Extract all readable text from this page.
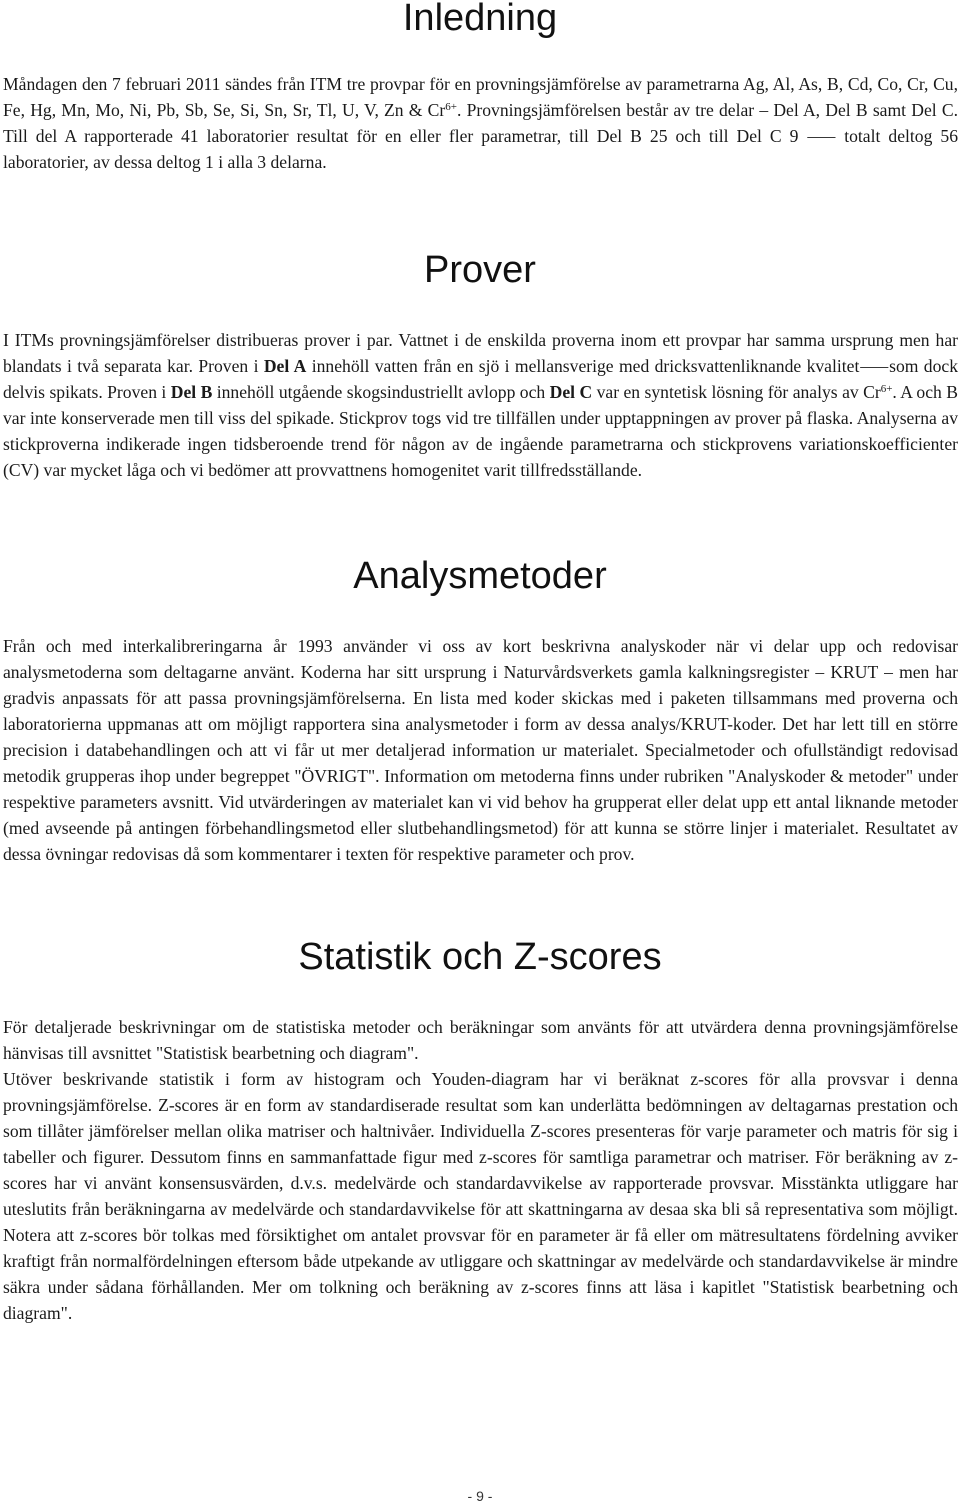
Inledning

Måndagen den 7 februari 2011 sändes från ITM tre provpar för en provningsjämförelse av parametrarna Ag, Al, As, B, Cd, Co, Cr, Cu, Fe, Hg, Mn, Mo, Ni, Pb, Sb, Se, Si, Sn, Sr, Tl, U, V, Zn & $Cr^{6+}$. Provningsjämförelsen består av tre delar – Del A, Del B samt Del C. Till del A rapporterade 41 laboratorier resultat för en eller fler parametrar, till Del B 25 och till Del C 9 ⸺ totalt deltog 56 laboratorier, av dessa deltog 1 i alla 3 delarna.

Prover

I ITMs provningsjämförelser distribueras prover i par. Vattnet i de enskilda proverna inom ett provpar har samma ursprung men har blandats i två separata kar. Proven i Del A innehöll vatten från en sjö i mellansverige med dricksvattenliknande kvalitet⸺som dock delvis spikats. Proven i Del B innehöll utgående skogsindustriellt avlopp och Del C var en syntetisk lösning för analys av $Cr^{6+}$. A och B var inte konserverade men till viss del spikade. Stickprov togs vid tre tillfällen under upptappningen av prover på flaska. Analyserna av stickproverna indikerade ingen tidsberoende trend för någon av de ingående parametrarna och stickprovens variationskoefficienter (CV) var mycket låga och vi bedömer att provvattnens homogenitet varit tillfredsställande.

Analysmetoder

Från och med interkalibreringarna år 1993 använder vi oss av kort beskrivna analyskoder när vi delar upp och redovisar analysmetoderna som deltagarne använt. Koderna har sitt ursprung i Naturvårdsverkets gamla kalkningsregister – KRUT – men har gradvis anpassats för att passa provningsjämförelserna. En lista med koder skickas med i paketen tillsammans med proverna och laboratorierna uppmanas att om möjligt rapportera sina analysmetoder i form av dessa analys/KRUT-koder. Det har lett till en större precision i databehandlingen och att vi får ut mer detaljerad information ur materialet. Specialmetoder och ofullständigt redovisad metodik grupperas ihop under begreppet "ÖVRIGT". Information om metoderna finns under rubriken "Analyskoder & metoder" under respektive parameters avsnitt. Vid utvärderingen av materialet kan vi vid behov ha grupperat eller delat upp ett antal liknande metoder (med avseende på antingen förbehandlingsmetod eller slutbehandlingsmetod) för att kunna se större linjer i materialet. Resultatet av dessa övningar redovisas då som kommentarer i texten för respektive parameter och prov.

Statistik och Z-scores

För detaljerade beskrivningar om de statistiska metoder och beräkningar som använts för att utvärdera denna provningsjämförelse hänvisas till avsnittet "Statistisk bearbetning och diagram".
Utöver beskrivande statistik i form av histogram och Youden-diagram har vi beräknat z-scores för alla provsvar i denna provningsjämförelse. Z-scores är en form av standardiserade resultat som kan underlätta bedömningen av deltagarnas prestation och som tillåter jämförelser mellan olika matriser och haltnivåer. Individuella Z-scores presenteras för varje parameter och matris för sig i tabeller och figurer. Dessutom finns en sammanfattade figur med z-scores för samtliga parametrar och matriser. För beräkning av z-scores har vi använt konsensusvärden, d.v.s. medelvärde och standardavvikelse av rapporterade provsvar. Misstänkta utliggare har uteslutits från beräkningarna av medelvärde och standardavvikelse för att skattningarna av desaa ska bli så representativa som möjligt. Notera att z-scores bör tolkas med försiktighet om antalet provsvar för en parameter är få eller om mätresultatens fördelning avviker kraftigt från normalfördelningen eftersom både utpekande av utliggare och skattningar av medelvärde och standardavvikelse är mindre säkra under sådana förhållanden. Mer om tolkning och beräkning av z-scores finns att läsa i kapitlet "Statistisk bearbetning och diagram".

- 9 -
